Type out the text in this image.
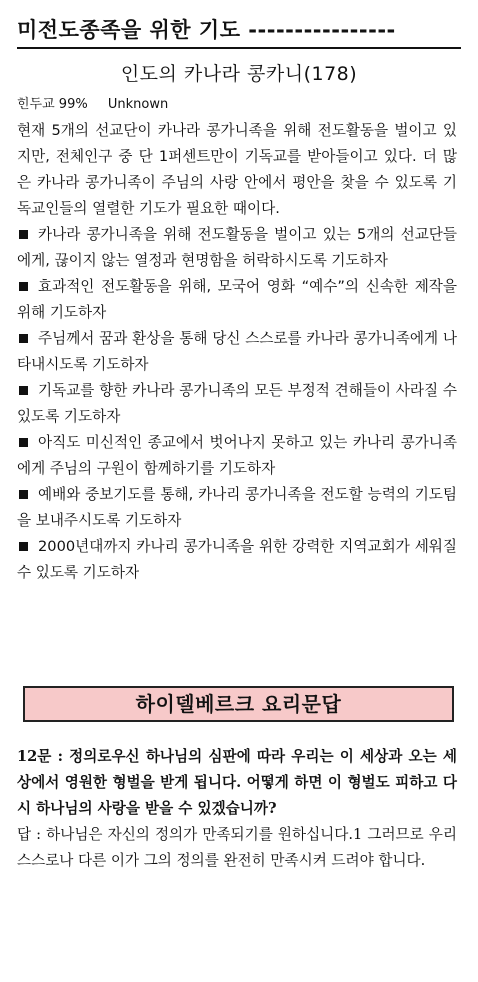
미전도종족을 위한 기도 ----------------
인도의 카나라 콩카니(178)
힌두교 99% Unknown

현재 5개의 선교단이 카나라 콩가니족을 위해 전도활동을 벌이고 있지만, 전체인구 중 단 1퍼센트만이 기독교를 받아들이고 있다. 더 많은 카나라 콩가니족이 주님의 사랑 안에서 평안을 찾을 수 있도록 기독교인들의 열렬한 기도가 필요한 때이다.

카나라 콩가니족을 위해 전도활동을 벌이고 있는 5개의 선교단들에게, 끊이지 않는 열정과 현명함을 허락하시도록 기도하자
효과적인 전도활동을 위해, 모국어 영화 “예수”의 신속한 제작을 위해 기도하자
주님께서 꿈과 환상을 통해 당신 스스로를 카나라 콩가니족에게 나타내시도록 기도하자
기독교를 향한 카나라 콩가니족의 모든 부정적 견해들이 사라질 수 있도록 기도하자
아직도 미신적인 종교에서 벗어나지 못하고 있는 카나리 콩가니족에게 주님의 구원이 함께하기를 기도하자
예배와 중보기도를 통해, 카나리 콩가니족을 전도할 능력의 기도팀을 보내주시도록 기도하자
2000년대까지 카나리 콩가니족을 위한 강력한 지역교회가 세워질 수 있도록 기도하자
하이델베르크 요리문답

12문 : 정의로우신 하나님의 심판에 따라 우리는 이 세상과 오는 세상에서 영원한 형벌을 받게 됩니다. 어떻게 하면 이 형벌도 피하고 다시 하나님의 사랑을 받을 수 있겠습니까?

답 : 하나님은 자신의 정의가 만족되기를 원하십니다.1 그러므로 우리 스스로나 다른 이가 그의 정의를 완전히 만족시켜 드려야 합니다.
